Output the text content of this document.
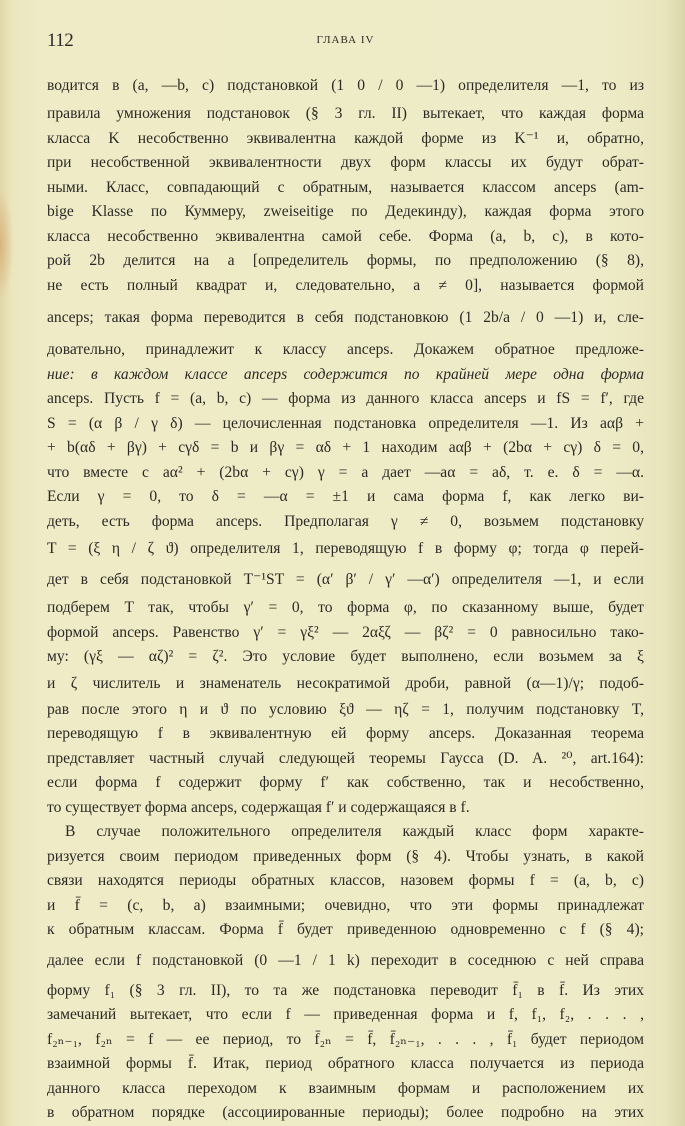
112	ГЛАВА IV
водится в (a, —b, c) подстановкой (1 0 / 0 —1) определителя —1, то из
правила умножения подстановок (§ 3 гл. II) вытекает, что каждая форма
класса K несобственно эквивалентна каждой форме из K⁻¹ и, обратно,
при несобственной эквивалентности двух форм классы их будут обрат-
ными. Класс, совпадающий с обратным, называется классом anceps (am-
bige Klasse по Куммеру, zweiseitige по Дедекинду), каждая форма этого
класса несобственно эквивалентна самой себе. Форма (a, b, c), в кото-
рой 2b делится на a [определитель формы, по предположению (§ 8),
не есть полный квадрат и, следовательно, a ≠ 0], называется формой
anceps; такая форма переводится в себя подстановкою (1 2b/a / 0 —1) и, сле-
довательно, принадлежит к классу anceps. Докажем обратное предложе-
ние: в каждом классе anceps содержится по крайней мере одна форма
anceps. Пусть f = (a, b, c) — форма из данного класса anceps и fS = f′, где
S = (α β / γ δ) — целочисленная подстановка определителя —1. Из aαβ +
+ b(αδ + βγ) + cγδ = b и βγ = αδ + 1 находим aαβ + (2bα + cγ) δ = 0,
что вместе с aα² + (2bα + cγ) γ = a дает —aα = aδ, т. е. δ = —α.
Если γ = 0, то δ = —α = ±1 и сама форма f, как легко ви-
деть, есть форма anceps. Предполагая γ ≠ 0, возьмем подстановку
T = (ξ η / ζ ϑ) определителя 1, переводящую f в форму φ; тогда φ перей-
дет в себя подстановкой T⁻¹ST = (α′ β′ / γ′ —α′) определителя —1, и если
подберем T так, чтобы γ′ = 0, то форма φ, по сказанному выше, будет
формой anceps. Равенство γ′ = γξ² — 2αξζ — βζ² = 0 равносильно тако-
му: (γξ — αζ)² = ζ². Это условие будет выполнено, если возьмем за ξ
и ζ числитель и знаменатель несократимой дроби, равной (α—1)/γ; подоб-
рав после этого η и ϑ по условию ξϑ — ηζ = 1, получим подстановку T,
переводящую f в эквивалентную ей форму anceps. Доказанная теорема
представляет частный случай следующей теоремы Гаусса (D. A. ²⁰, art.164):
если форма f содержит форму f′ как собственно, так и несобственно,
то существует форма anceps, содержащая f′ и содержащаяся в f.
В случае положительного определителя каждый класс форм характе-
ризуется своим периодом приведенных форм (§ 4). Чтобы узнать, в какой
связи находятся периоды обратных классов, назовем формы f = (a, b, c)
и f̄ = (c, b, a) взаимными; очевидно, что эти формы принадлежат
к обратным классам. Форма f̄ будет приведенною одновременно с f (§ 4);
далее если f подстановкой (0 —1 / 1 k) переходит в соседнюю с ней справа
форму f₁ (§ 3 гл. II), то та же подстановка переводит f̄₁ в f̄. Из этих
замечаний вытекает, что если f — приведенная форма и f, f₁, f₂, . . . ,
f₂ₙ₋₁, f₂ₙ = f — ее период, то f̄₂ₙ = f̄, f̄₂ₙ₋₁, . . . , f̄₁ будет периодом
взаимной формы f̄. Итак, период обратного класса получается из периода
данного класса переходом к взаимным формам и расположением их
в обратном порядке (ассоциированные периоды); более подробно на этих
